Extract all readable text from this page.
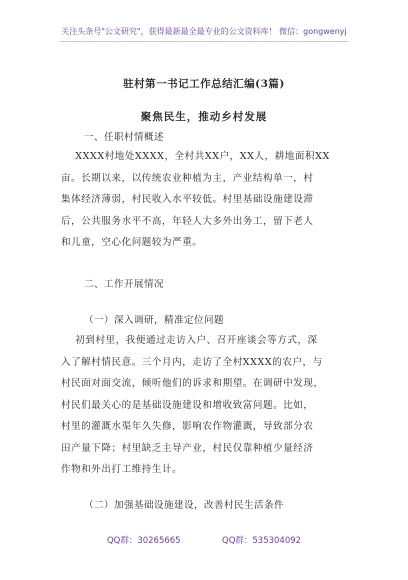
关注头条号"公文研究"，获得最新最全最专业的公文资料库！ 微信：gongwenyj
驻村第一书记工作总结汇编(3篇)
聚焦民生，推动乡村发展
一、任职村情概述
XXXX村地处XXXX，全村共XX户，XX人，耕地面积XX
亩。长期以来，以传统农业种植为主，产业结构单一，村
集体经济薄弱，村民收入水平较低。村里基础设施建设滞
后，公共服务水平不高，年轻人大多外出务工，留下老人
和儿童，空心化问题较为严重。
二、工作开展情况
（一）深入调研，精准定位问题
初到村里，我便通过走访入户、召开座谈会等方式，深
入了解村情民意。三个月内，走访了全村XXXX的农户，与
村民面对面交流，倾听他们的诉求和期望。在调研中发现，
村民们最关心的是基础设施建设和增收致富问题。比如，
村里的灌溉水渠年久失修，影响农作物灌溉，导致部分农
田产量下降；村里缺乏主导产业，村民仅靠种植少量经济
作物和外出打工维持生计。
（二）加强基础设施建设，改善村民生活条件
QQ群：30265665	QQ群：535304092
